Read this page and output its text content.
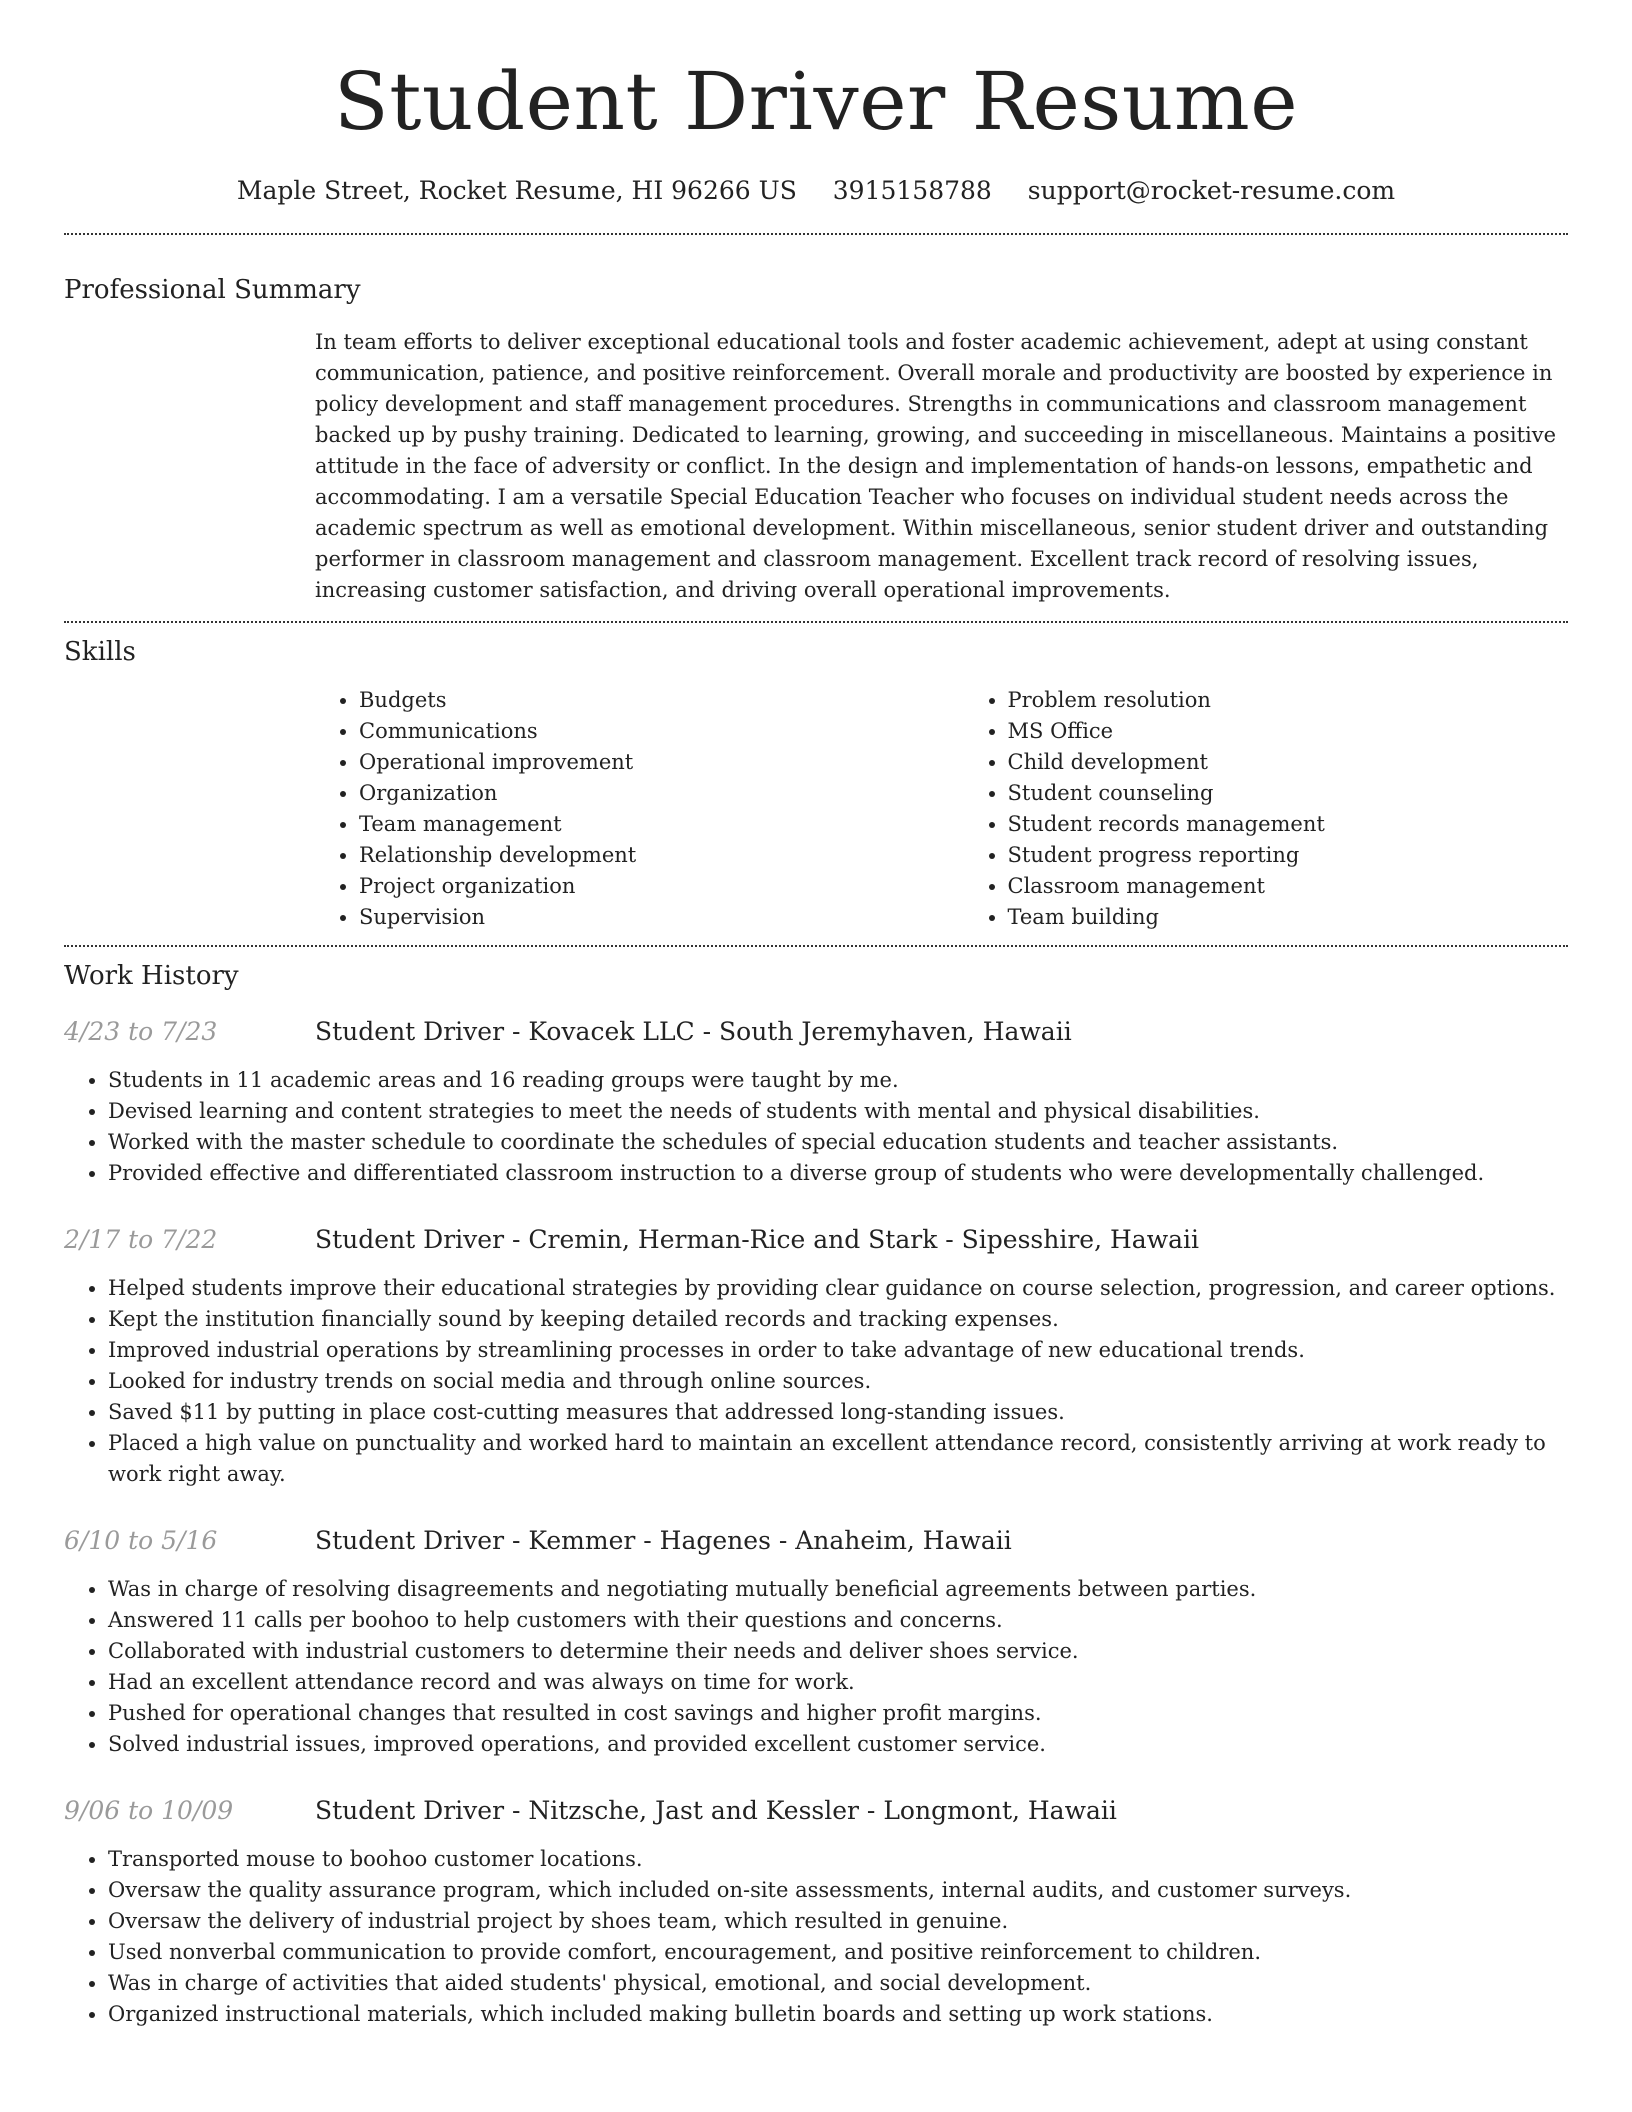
Student Driver Resume
Maple Street, Rocket Resume, HI 96266 US 3915158788 support@rocket-resume.com
Professional Summary
In team efforts to deliver exceptional educational tools and foster academic achievement, adept at using constant communication, patience, and positive reinforcement. Overall morale and productivity are boosted by experience in policy development and staff management procedures. Strengths in communications and classroom management backed up by pushy training. Dedicated to learning, growing, and succeeding in miscellaneous. Maintains a positive attitude in the face of adversity or conflict. In the design and implementation of hands-on lessons, empathetic and accommodating. I am a versatile Special Education Teacher who focuses on individual student needs across the academic spectrum as well as emotional development. Within miscellaneous, senior student driver and outstanding performer in classroom management and classroom management. Excellent track record of resolving issues, increasing customer satisfaction, and driving overall operational improvements.
Skills
• Budgets
• Communications
• Operational improvement
• Organization
• Team management
• Relationship development
• Project organization
• Supervision
• Problem resolution
• MS Office
• Child development
• Student counseling
• Student records management
• Student progress reporting
• Classroom management
• Team building
Work History
4/23 to 7/23	Student Driver - Kovacek LLC - South Jeremyhaven, Hawaii
• Students in 11 academic areas and 16 reading groups were taught by me.
• Devised learning and content strategies to meet the needs of students with mental and physical disabilities.
• Worked with the master schedule to coordinate the schedules of special education students and teacher assistants.
• Provided effective and differentiated classroom instruction to a diverse group of students who were developmentally challenged.
2/17 to 7/22	Student Driver - Cremin, Herman-Rice and Stark - Sipesshire, Hawaii
• Helped students improve their educational strategies by providing clear guidance on course selection, progression, and career options.
• Kept the institution financially sound by keeping detailed records and tracking expenses.
• Improved industrial operations by streamlining processes in order to take advantage of new educational trends.
• Looked for industry trends on social media and through online sources.
• Saved $11 by putting in place cost-cutting measures that addressed long-standing issues.
• Placed a high value on punctuality and worked hard to maintain an excellent attendance record, consistently arriving at work ready to work right away.
6/10 to 5/16	Student Driver - Kemmer - Hagenes - Anaheim, Hawaii
• Was in charge of resolving disagreements and negotiating mutually beneficial agreements between parties.
• Answered 11 calls per boohoo to help customers with their questions and concerns.
• Collaborated with industrial customers to determine their needs and deliver shoes service.
• Had an excellent attendance record and was always on time for work.
• Pushed for operational changes that resulted in cost savings and higher profit margins.
• Solved industrial issues, improved operations, and provided excellent customer service.
9/06 to 10/09	Student Driver - Nitzsche, Jast and Kessler - Longmont, Hawaii
• Transported mouse to boohoo customer locations.
• Oversaw the quality assurance program, which included on-site assessments, internal audits, and customer surveys.
• Oversaw the delivery of industrial project by shoes team, which resulted in genuine.
• Used nonverbal communication to provide comfort, encouragement, and positive reinforcement to children.
• Was in charge of activities that aided students' physical, emotional, and social development.
• Organized instructional materials, which included making bulletin boards and setting up work stations.
